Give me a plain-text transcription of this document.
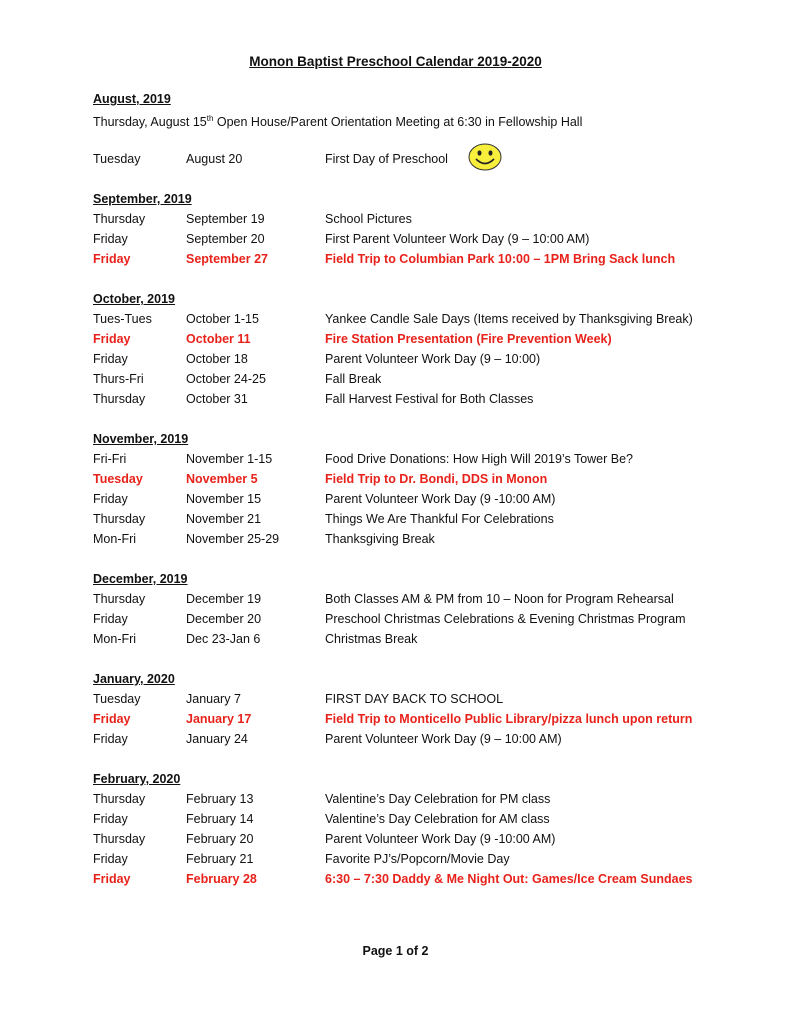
Monon Baptist Preschool Calendar 2019-2020
August, 2019
Thursday, August 15th Open House/Parent Orientation Meeting at 6:30 in Fellowship Hall
Tuesday	August 20	First Day of Preschool
September, 2019
Thursday	September 19	School Pictures
Friday	September 20	First Parent Volunteer Work Day (9 – 10:00 AM)
Friday	September 27	Field Trip to Columbian Park 10:00 – 1PM Bring Sack lunch
October, 2019
Tues-Tues	October 1-15	Yankee Candle Sale Days (Items received by Thanksgiving Break)
Friday	October 11	Fire Station Presentation (Fire Prevention Week)
Friday	October 18	Parent Volunteer Work Day (9 – 10:00)
Thurs-Fri	October 24-25	Fall Break
Thursday	October 31	Fall Harvest Festival for Both Classes
November, 2019
Fri-Fri	November 1-15	Food Drive Donations: How High Will 2019’s Tower Be?
Tuesday	November 5	Field Trip to Dr. Bondi, DDS in Monon
Friday	November 15	Parent Volunteer Work Day (9 -10:00 AM)
Thursday	November 21	Things We Are Thankful For Celebrations
Mon-Fri	November 25-29	Thanksgiving Break
December, 2019
Thursday	December 19	Both Classes AM & PM from 10 – Noon for Program Rehearsal
Friday	December 20	Preschool Christmas Celebrations & Evening Christmas Program
Mon-Fri	Dec 23-Jan 6	Christmas Break
January, 2020
Tuesday	January 7	FIRST DAY BACK TO SCHOOL
Friday	January 17	Field Trip to Monticello Public Library/pizza lunch upon return
Friday	January 24	Parent Volunteer Work Day (9 – 10:00 AM)
February, 2020
Thursday	February 13	Valentine’s Day Celebration for PM class
Friday	February 14	Valentine’s Day Celebration for AM class
Thursday	February 20	Parent Volunteer Work Day (9 -10:00 AM)
Friday	February 21	Favorite PJ’s/Popcorn/Movie Day
Friday	February 28	6:30 – 7:30 Daddy & Me Night Out: Games/Ice Cream Sundaes
Page 1 of 2
